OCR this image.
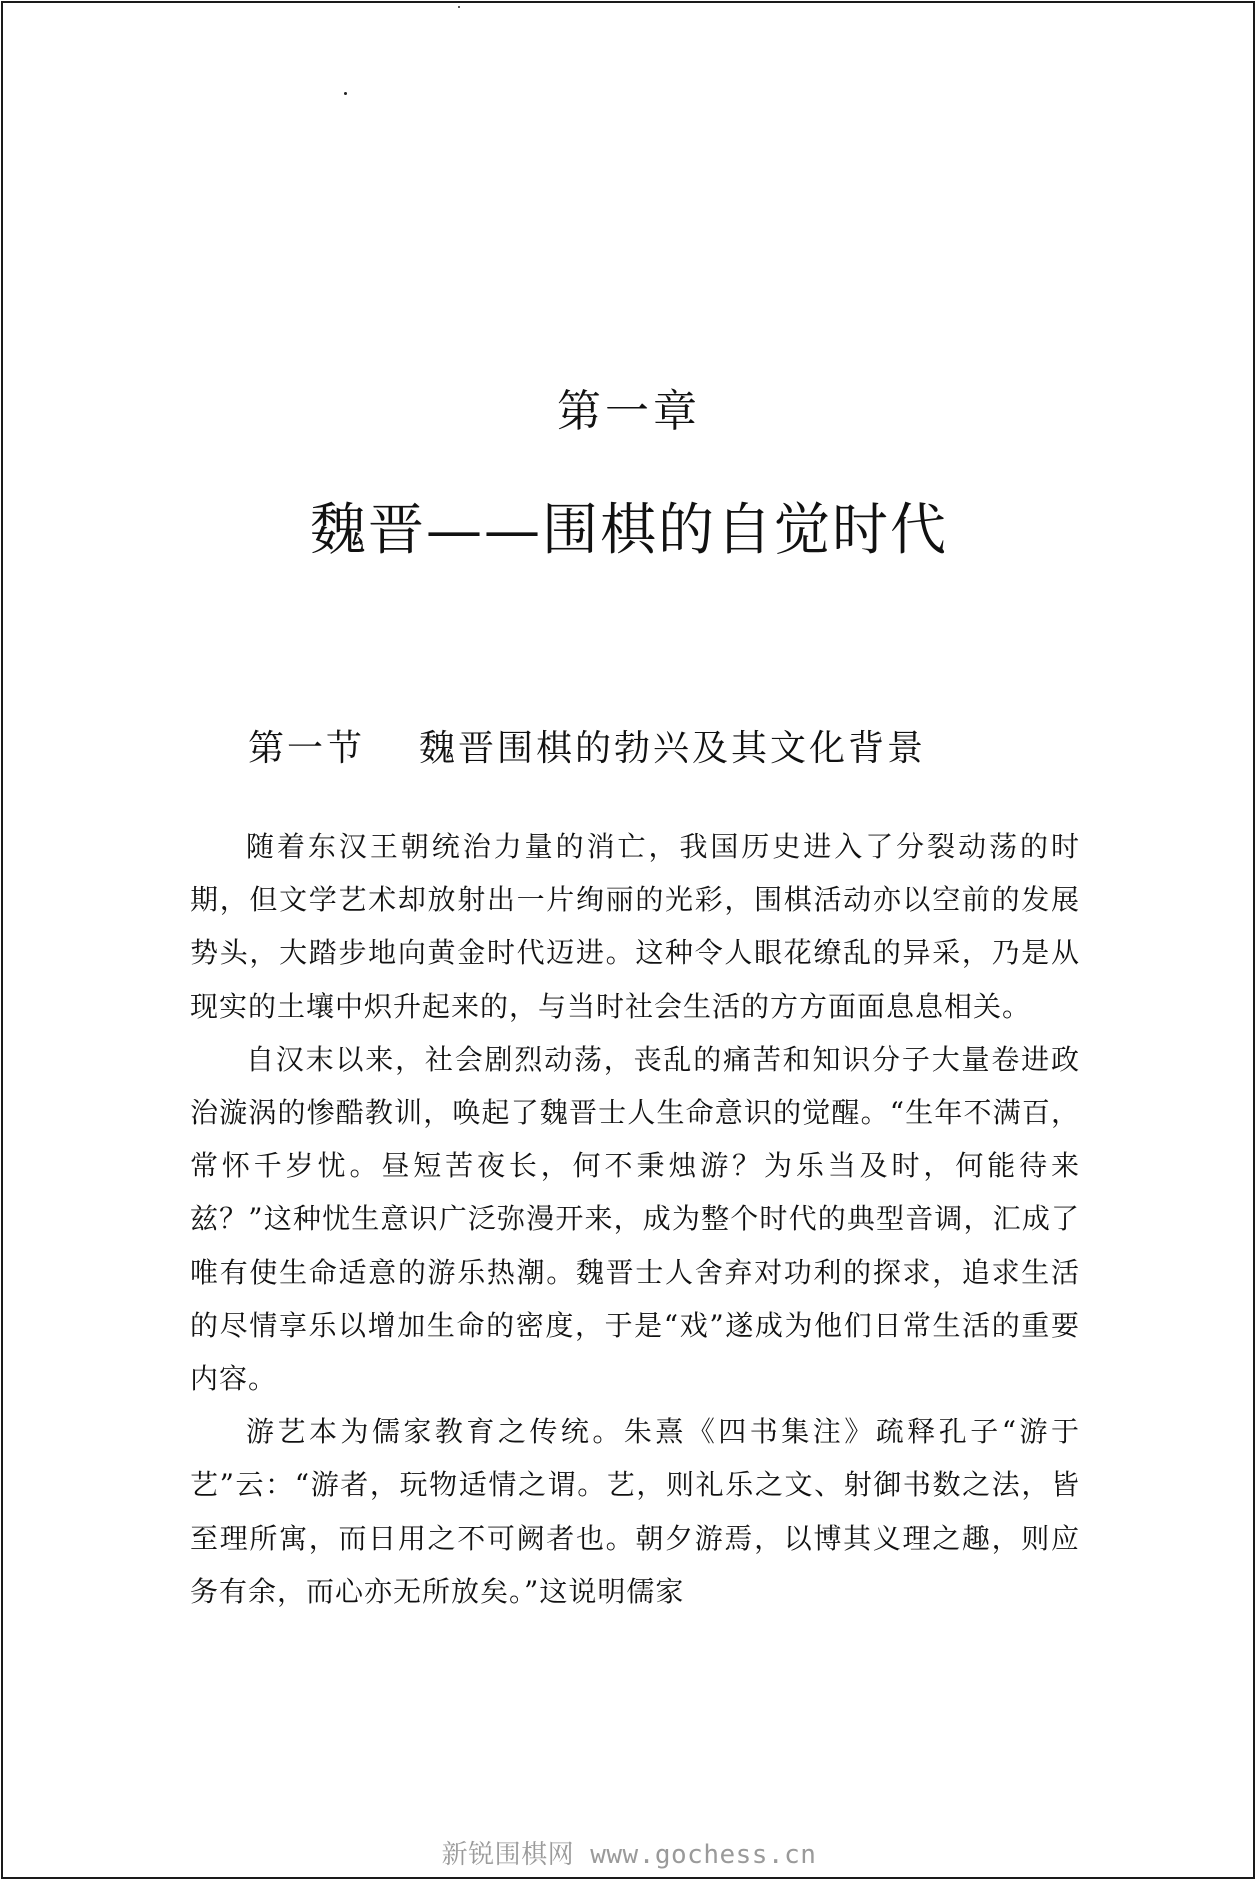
第一章
魏晋——围棋的自觉时代
第一节 魏晋围棋的勃兴及其文化背景

随着东汉王朝统治力量的消亡，我国历史进入了分裂动荡的时期，但文学艺术却放射出一片绚丽的光彩，围棋活动亦以空前的发展势头，大踏步地向黄金时代迈进。这种令人眼花缭乱的异采，乃是从现实的土壤中炽升起来的，与当时社会生活的方方面面息息相关。

自汉末以来，社会剧烈动荡，丧乱的痛苦和知识分子大量卷进政治漩涡的惨酷教训，唤起了魏晋士人生命意识的觉醒。“生年不满百，常怀千岁忧。昼短苦夜长，何不秉烛游？为乐当及时，何能待来兹？”这种忧生意识广泛弥漫开来，成为整个时代的典型音调，汇成了唯有使生命适意的游乐热潮。魏晋士人舍弃对功利的探求，追求生活的尽情享乐以增加生命的密度，于是“戏”遂成为他们日常生活的重要内容。

游艺本为儒家教育之传统。朱熹《四书集注》疏释孔子“游于艺”云：“游者，玩物适情之谓。艺，则礼乐之文、射御书数之法，皆至理所寓，而日用之不可阙者也。朝夕游焉，以博其义理之趣，则应务有余，而心亦无所放矣。”这说明儒家

新锐围棋网 www.gochess.cn
